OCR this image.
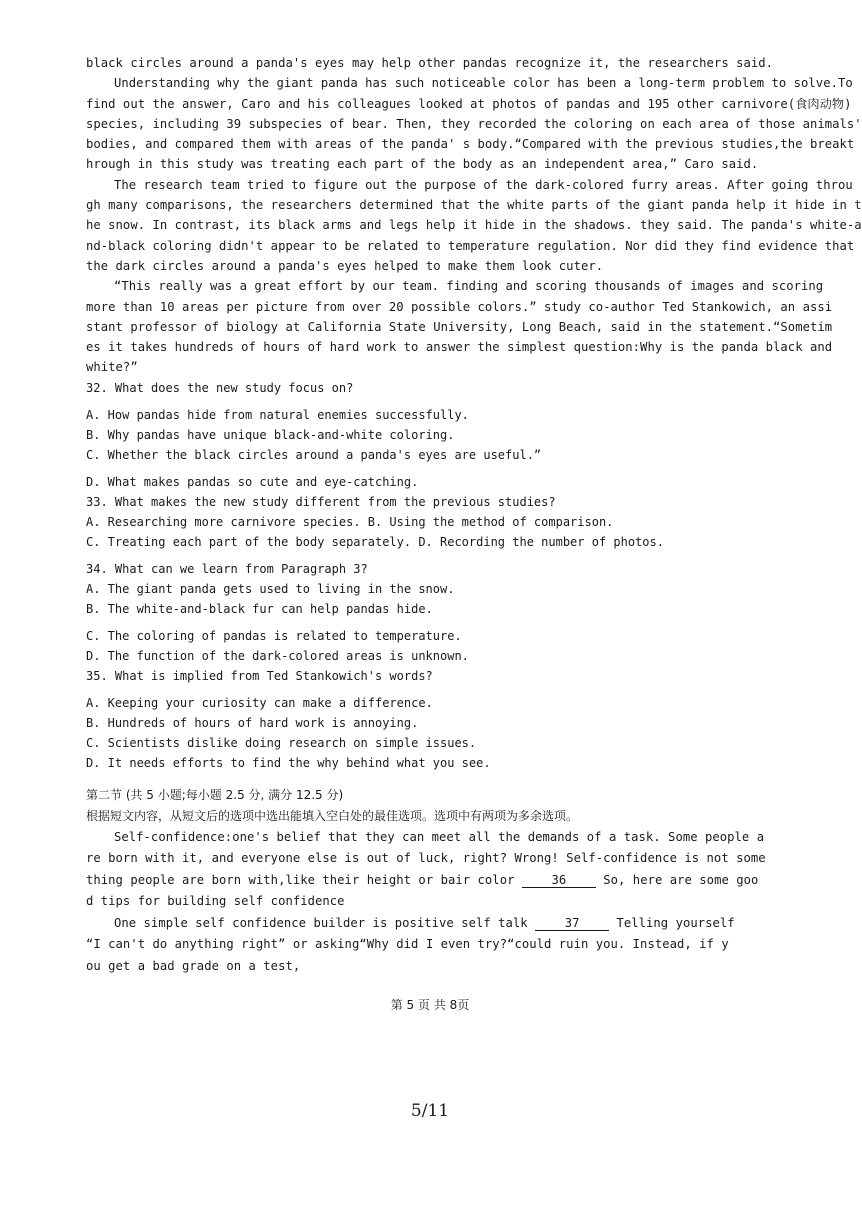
black circles around a panda's eyes may help other pandas recognize it, the researchers said.
Understanding why the giant panda has such noticeable color has been a long-term problem to solve.To
find out the answer, Caro and his colleagues looked at photos of pandas and 195 other carnivore(食肉动物)
species, including 39 subspecies of bear. Then, they recorded the coloring on each area of those animals'
bodies, and compared them with areas of the panda' s body.“Compared with the previous studies,the breakt
hrough in this study was treating each part of the body as an independent area,” Caro said.
The research team tried to figure out the purpose of the dark-colored furry areas. After going throu
gh many comparisons, the researchers determined that the white parts of the giant panda help it hide in t
he snow. In contrast, its black arms and legs help it hide in the shadows. they said. The panda's white-a
nd-black coloring didn't appear to be related to temperature regulation. Nor did they find evidence that
the dark circles around a panda's eyes helped to make them look cuter.
“This really was a great effort by our team. finding and scoring thousands of images and scoring
more than 10 areas per picture from over 20 possible colors.” study co-author Ted Stankowich, an assi
stant professor of biology at California State University, Long Beach, said in the statement.“Sometim
es it takes hundreds of hours of hard work to answer the simplest question:Why is the panda black and
white?”
32. What does the new study focus on?
A. How pandas hide from natural enemies successfully.
B. Why pandas have unique black-and-white coloring.
C. Whether the black circles around a panda's eyes are useful.”
D. What makes pandas so cute and eye-catching.
33. What makes the new study different from the previous studies?
A. Researching more carnivore species. B. Using the method of comparison.
C. Treating each part of the body separately. D. Recording the number of photos.
34. What can we learn from Paragraph 3?
A. The giant panda gets used to living in the snow.
B. The white-and-black fur can help pandas hide.
C. The coloring of pandas is related to temperature.
D. The function of the dark-colored areas is unknown.
35. What is implied from Ted Stankowich's words?
A. Keeping your curiosity can make a difference.
B. Hundreds of hours of hard work is annoying.
C. Scientists dislike doing research on simple issues.
D. It needs efforts to find the why behind what you see.
第二节 (共 5 小题;每小题 2.5 分, 满分 12.5 分)
根据短文内容，从短文后的选项中选出能填入空白处的最佳选项。选项中有两项为多余选项。
Self-confidence:one's belief that they can meet all the demands of a task. Some people a
re born with it, and everyone else is out of luck, right? Wrong! Self-confidence is not some
thing people are born with,like their height or bair color 36 So, here are some goo
d tips for building self confidence
One simple self confidence builder is positive self talk 37 Telling yourself
“I can't do anything right” or asking“Why did I even try?“could ruin you. Instead, if y
ou get a bad grade on a test,
第 5 页 共 8页
5/11
